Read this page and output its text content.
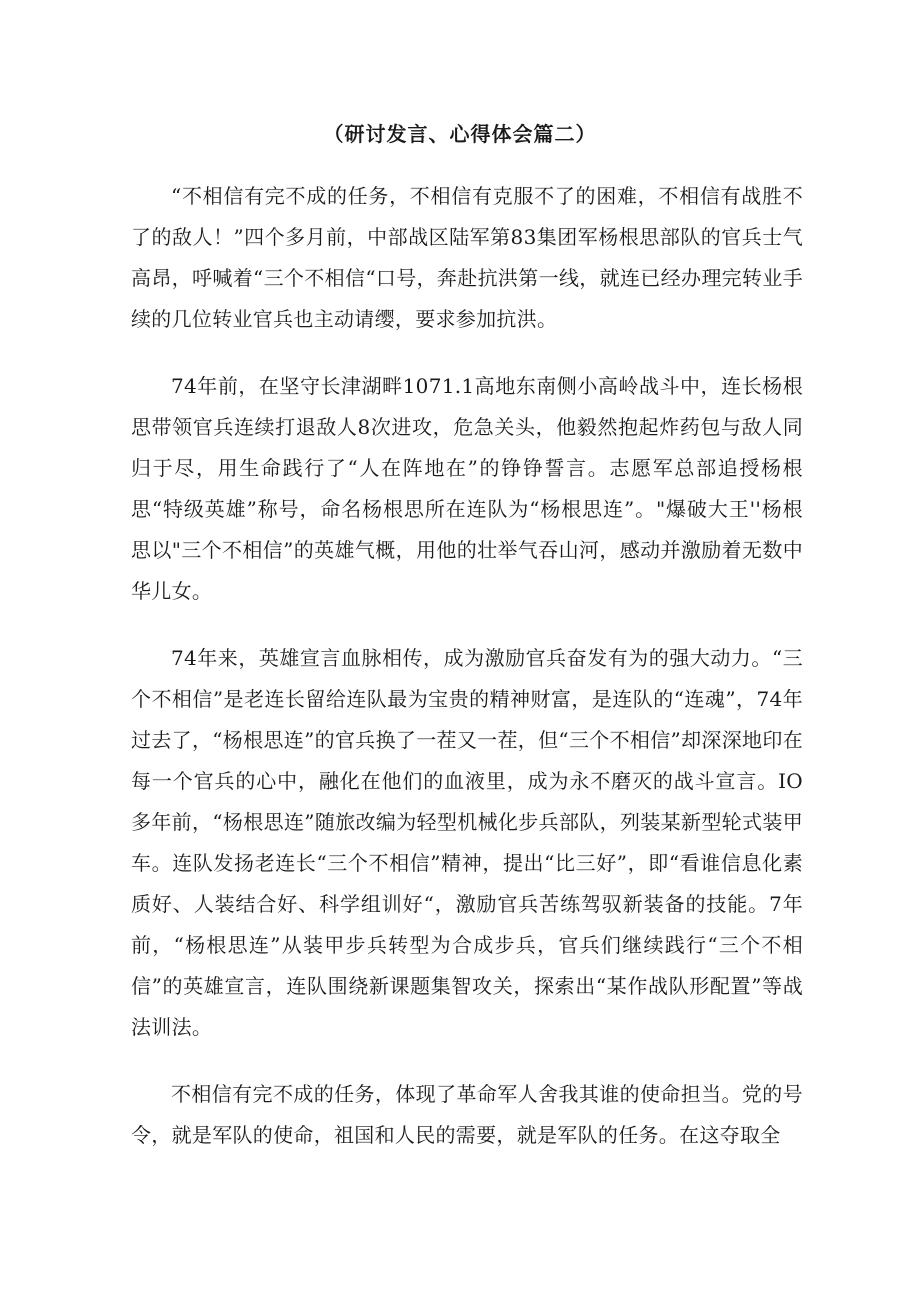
（研讨发言、心得体会篇二）

“不相信有完不成的任务，不相信有克服不了的困难，不相信有战胜不了的敌人！”四个多月前，中部战区陆军第83集团军杨根思部队的官兵士气高昂，呼喊着“三个不相信“口号，奔赴抗洪第一线，就连已经办理完转业手续的几位转业官兵也主动请缨，要求参加抗洪。

74年前，在坚守长津湖畔1071.1高地东南侧小高岭战斗中，连长杨根思带领官兵连续打退敌人8次进攻，危急关头，他毅然抱起炸药包与敌人同归于尽，用生命践行了“人在阵地在”的铮铮誓言。志愿军总部追授杨根思“特级英雄”称号，命名杨根思所在连队为“杨根思连”。"爆破大王''杨根思以"三个不相信”的英雄气概，用他的壮举气吞山河，感动并激励着无数中华儿女。

74年来，英雄宣言血脉相传，成为激励官兵奋发有为的强大动力。“三个不相信”是老连长留给连队最为宝贵的精神财富，是连队的“连魂”，74年过去了，“杨根思连”的官兵换了一茬又一茬，但“三个不相信”却深深地印在每一个官兵的心中，融化在他们的血液里，成为永不磨灭的战斗宣言。IO多年前，“杨根思连”随旅改编为轻型机械化步兵部队，列装某新型轮式装甲车。连队发扬老连长“三个不相信”精神，提出“比三好”，即“看谁信息化素质好、人装结合好、科学组训好“，激励官兵苦练驾驭新装备的技能。7年前，“杨根思连”从装甲步兵转型为合成步兵，官兵们继续践行“三个不相信”的英雄宣言，连队围绕新课题集智攻关，探索出“某作战队形配置”等战法训法。

不相信有完不成的任务，体现了革命军人舍我其谁的使命担当。党的号令，就是军队的使命，祖国和人民的需要，就是军队的任务。在这夺取全
